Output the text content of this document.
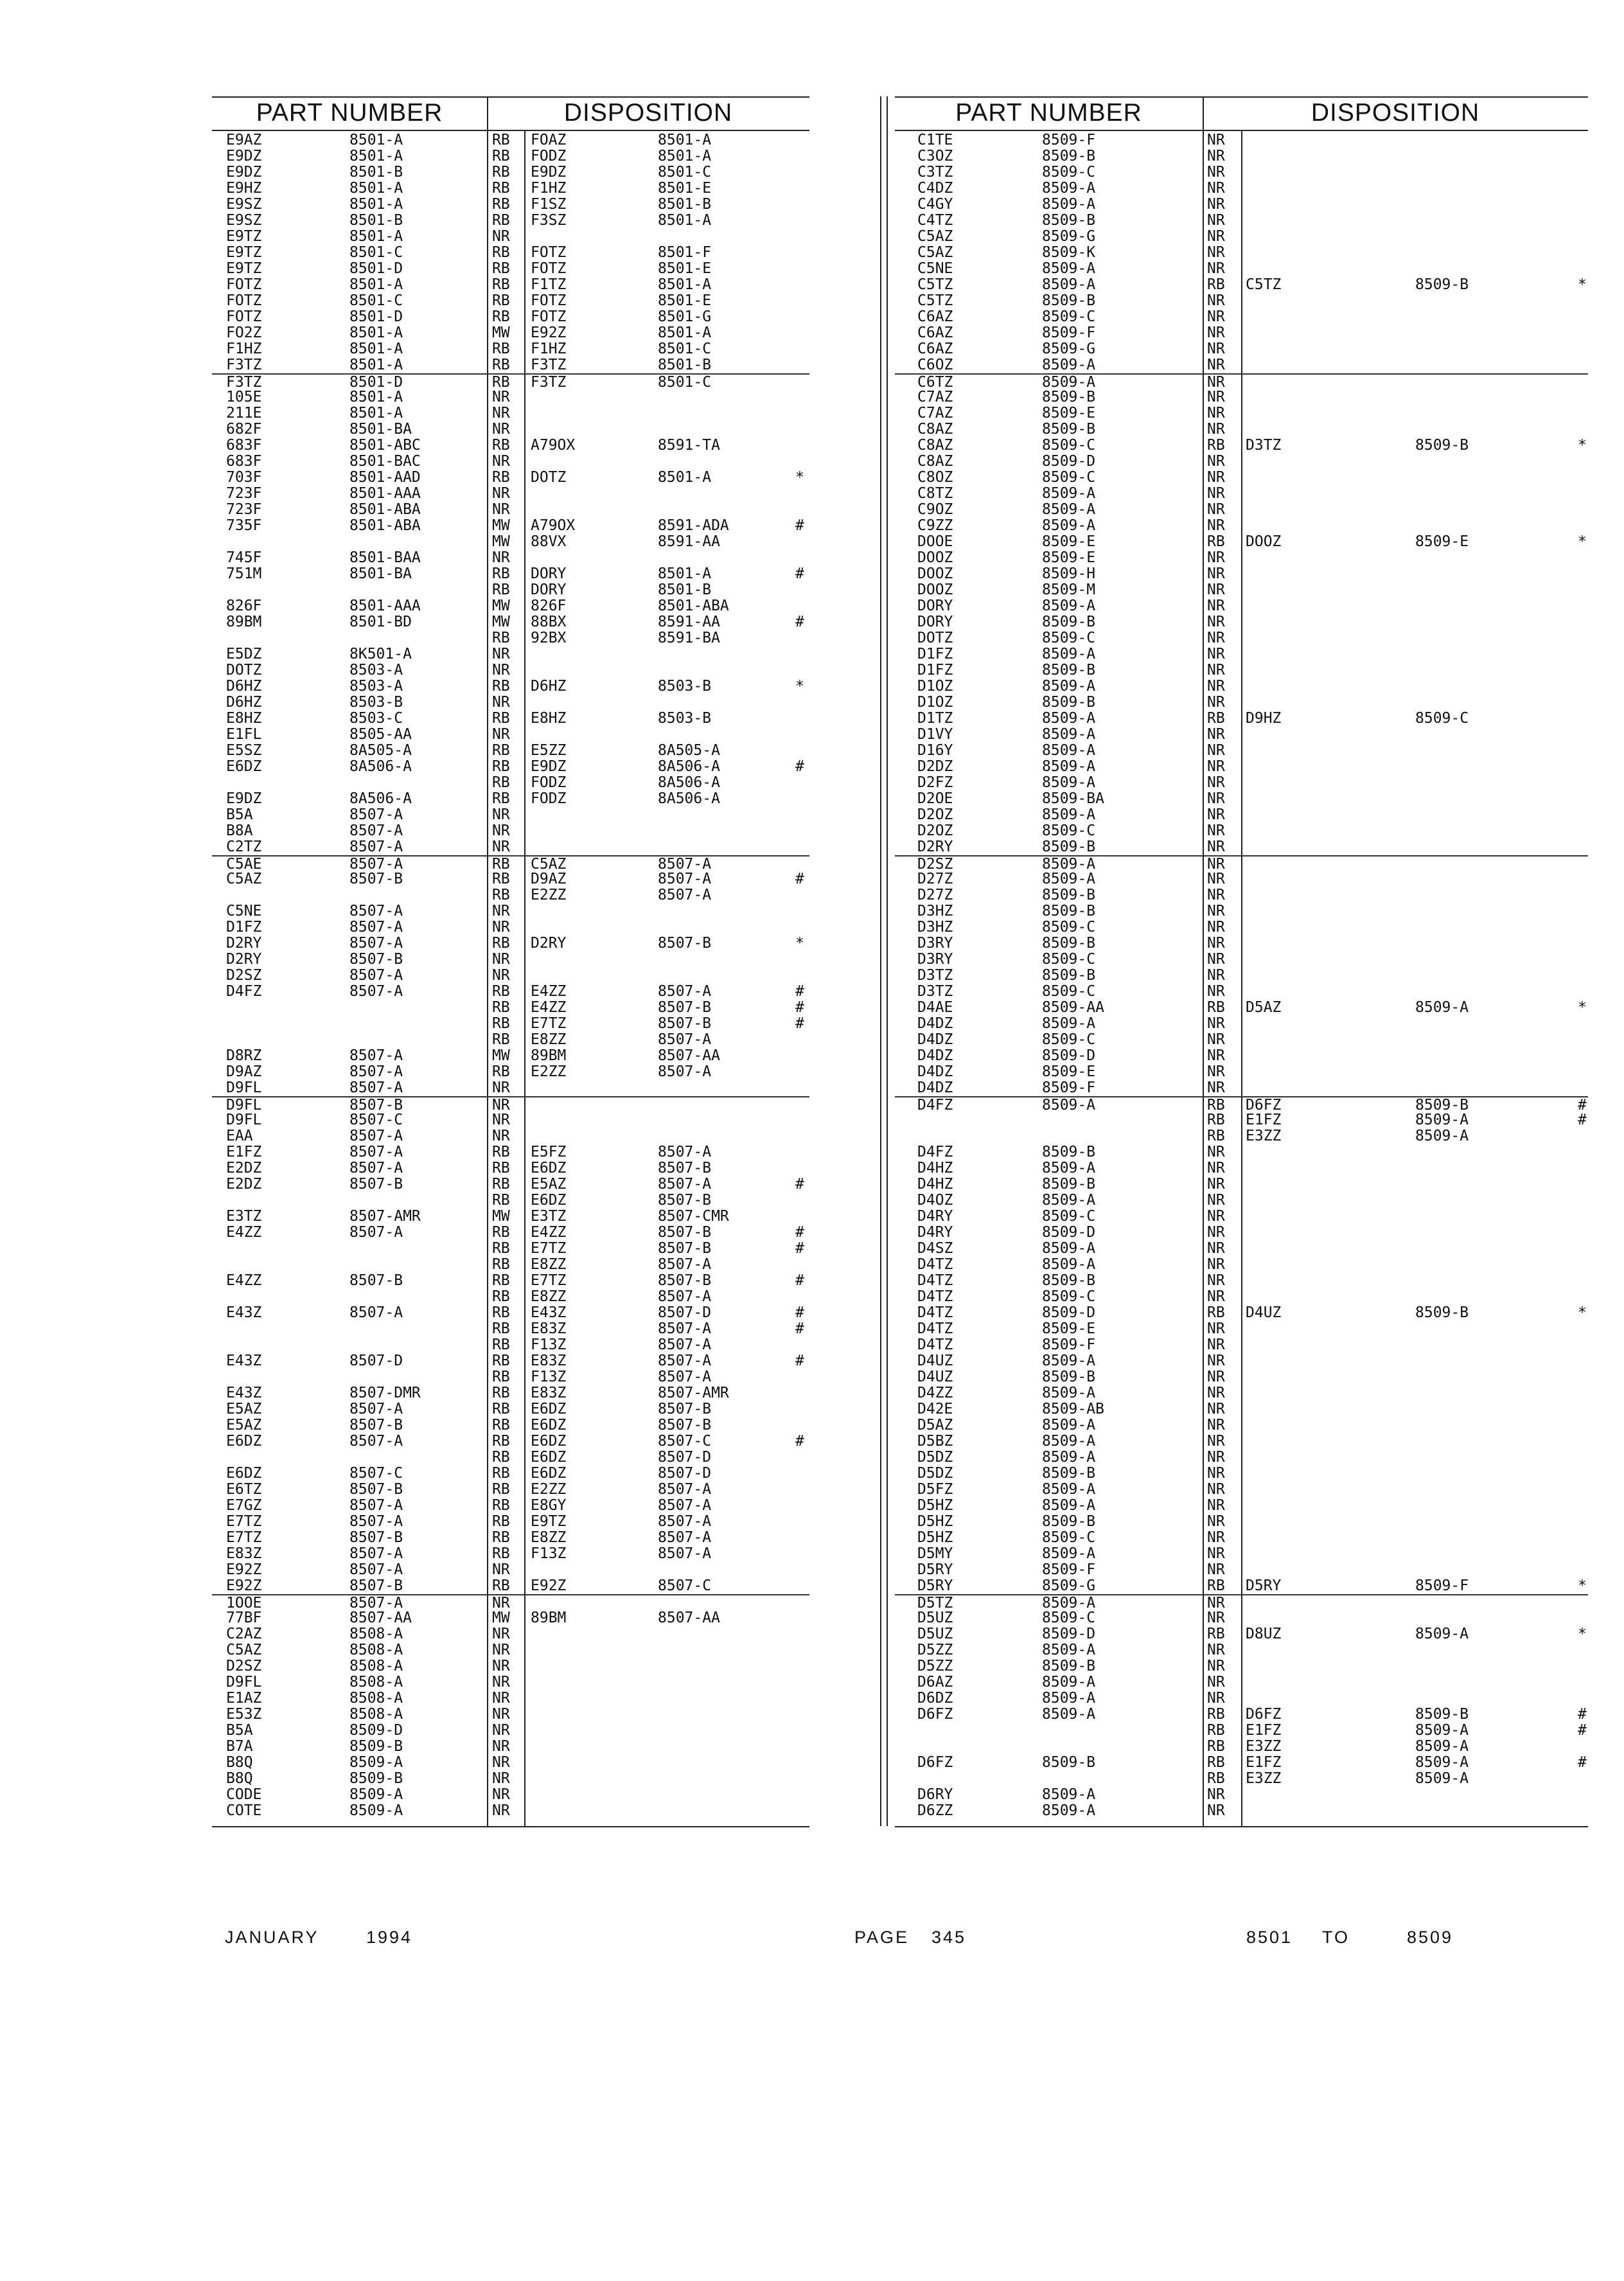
PART NUMBER	DISPOSITION	PART NUMBER	DISPOSITION
E9AZ	8501-A	RB FOAZ	8501-A
E9DZ	8501-A	RB FODZ	8501-A
E9DZ	8501-B	RB E9DZ	8501-C
E9HZ	8501-A	RB F1HZ	8501-E
E9SZ	8501-A	RB F1SZ	8501-B
E9SZ	8501-B	RB F3SZ	8501-A
E9TZ	8501-A	NR
E9TZ	8501-C	RB FOTZ	8501-F
E9TZ	8501-D	RB FOTZ	8501-E
FOTZ	8501-A	RB F1TZ	8501-A
FOTZ	8501-C	RB FOTZ	8501-E
FOTZ	8501-D	RB FOTZ	8501-G
FO2Z	8501-A	MW E92Z	8501-A
F1HZ	8501-A	RB F1HZ	8501-C
F3TZ	8501-A	RB F3TZ	8501-B
F3TZ	8501-D	RB F3TZ	8501-C
105E	8501-A	NR
211E	8501-A	NR
682F	8501-BA	NR
683F	8501-ABC	RB A79OX	8591-TA
683F	8501-BAC	NR
703F	8501-AAD	RB DOTZ	8501-A	*
723F	8501-AAA	NR
723F	8501-ABA	NR
735F	8501-ABA	MW A79OX	8591-ADA	#
MW 88VX	8591-AA
745F	8501-BAA	NR
751M	8501-BA	RB DORY	8501-A	#
RB DORY	8501-B
826F	8501-AAA	MW 826F	8501-ABA
89BM	8501-BD	MW 88BX	8591-AA	#
RB 92BX	8591-BA
E5DZ	8K501-A	NR
DOTZ	8503-A	NR
D6HZ	8503-A	RB D6HZ	8503-B	*
D6HZ	8503-B	NR
E8HZ	8503-C	RB E8HZ	8503-B
E1FL	8505-AA	NR
E5SZ	8A505-A	RB E5ZZ	8A505-A
E6DZ	8A506-A	RB E9DZ	8A506-A	#
RB FODZ	8A506-A
E9DZ	8A506-A	RB FODZ	8A506-A
B5A	8507-A	NR
B8A	8507-A	NR
C2TZ	8507-A	NR
C5AE	8507-A	RB C5AZ	8507-A
C5AZ	8507-B	RB D9AZ	8507-A	#
RB E2ZZ	8507-A
C5NE	8507-A	NR
D1FZ	8507-A	NR
D2RY	8507-A	RB D2RY	8507-B	*
D2RY	8507-B	NR
D2SZ	8507-A	NR
D4FZ	8507-A	RB E4ZZ	8507-A	#
RB E4ZZ	8507-B	#
RB E7TZ	8507-B	#
RB E8ZZ	8507-A
D8RZ	8507-A	MW 89BM	8507-AA
D9AZ	8507-A	RB E2ZZ	8507-A
D9FL	8507-A	NR
D9FL	8507-B	NR
D9FL	8507-C	NR
EAA	8507-A	NR
E1FZ	8507-A	RB E5FZ	8507-A
E2DZ	8507-A	RB E6DZ	8507-B
E2DZ	8507-B	RB E5AZ	8507-A	#
RB E6DZ	8507-B
E3TZ	8507-AMR	MW E3TZ	8507-CMR
E4ZZ	8507-A	RB E4ZZ	8507-B	#
RB E7TZ	8507-B	#
RB E8ZZ	8507-A
E4ZZ	8507-B	RB E7TZ	8507-B	#
RB E8ZZ	8507-A
E43Z	8507-A	RB E43Z	8507-D	#
RB E83Z	8507-A	#
RB F13Z	8507-A
E43Z	8507-D	RB E83Z	8507-A	#
RB F13Z	8507-A
E43Z	8507-DMR	RB E83Z	8507-AMR
E5AZ	8507-A	RB E6DZ	8507-B
E5AZ	8507-B	RB E6DZ	8507-B
E6DZ	8507-A	RB E6DZ	8507-C	#
RB E6DZ	8507-D
E6DZ	8507-C	RB E6DZ	8507-D
E6TZ	8507-B	RB E2ZZ	8507-A
E7GZ	8507-A	RB E8GY	8507-A
E7TZ	8507-A	RB E9TZ	8507-A
E7TZ	8507-B	RB E8ZZ	8507-A
E83Z	8507-A	RB F13Z	8507-A
E92Z	8507-A	NR
E92Z	8507-B	RB E92Z	8507-C
1OOE	8507-A	NR
77BF	8507-AA	MW 89BM	8507-AA
C2AZ	8508-A	NR
C5AZ	8508-A	NR
D2SZ	8508-A	NR
D9FL	8508-A	NR
E1AZ	8508-A	NR
E53Z	8508-A	NR
B5A	8509-D	NR
B7A	8509-B	NR
B8Q	8509-A	NR
B8Q	8509-B	NR
CODE	8509-A	NR
COTE	8509-A	NR
C1TE	8509-F	NR
C3OZ	8509-B	NR
C3TZ	8509-C	NR
C4DZ	8509-A	NR
C4GY	8509-A	NR
C4TZ	8509-B	NR
C5AZ	8509-G	NR
C5AZ	8509-K	NR
C5NE	8509-A	NR
C5TZ	8509-A	RB C5TZ	8509-B	*
C5TZ	8509-B	NR
C6AZ	8509-C	NR
C6AZ	8509-F	NR
C6AZ	8509-G	NR
C6OZ	8509-A	NR
C6TZ	8509-A	NR
C7AZ	8509-B	NR
C7AZ	8509-E	NR
C8AZ	8509-B	NR
C8AZ	8509-C	RB D3TZ	8509-B	*
C8AZ	8509-D	NR
C8OZ	8509-C	NR
C8TZ	8509-A	NR
C9OZ	8509-A	NR
C9ZZ	8509-A	NR
DOOE	8509-E	RB DOOZ	8509-E	*
DOOZ	8509-E	NR
DOOZ	8509-H	NR
DOOZ	8509-M	NR
DORY	8509-A	NR
DORY	8509-B	NR
DOTZ	8509-C	NR
D1FZ	8509-A	NR
D1FZ	8509-B	NR
D1OZ	8509-A	NR
D1OZ	8509-B	NR
D1TZ	8509-A	RB D9HZ	8509-C
D1VY	8509-A	NR
D16Y	8509-A	NR
D2DZ	8509-A	NR
D2FZ	8509-A	NR
D2OE	8509-BA	NR
D2OZ	8509-A	NR
D2OZ	8509-C	NR
D2RY	8509-B	NR
D2SZ	8509-A	NR
D27Z	8509-A	NR
D27Z	8509-B	NR
D3HZ	8509-B	NR
D3HZ	8509-C	NR
D3RY	8509-B	NR
D3RY	8509-C	NR
D3TZ	8509-B	NR
D3TZ	8509-C	NR
D4AE	8509-AA	RB D5AZ	8509-A	*
D4DZ	8509-A	NR
D4DZ	8509-C	NR
D4DZ	8509-D	NR
D4DZ	8509-E	NR
D4DZ	8509-F	NR
D4FZ	8509-A	RB D6FZ	8509-B	#
RB E1FZ	8509-A	#
RB E3ZZ	8509-A
D4FZ	8509-B	NR
D4HZ	8509-A	NR
D4HZ	8509-B	NR
D4OZ	8509-A	NR
D4RY	8509-C	NR
D4RY	8509-D	NR
D4SZ	8509-A	NR
D4TZ	8509-A	NR
D4TZ	8509-B	NR
D4TZ	8509-C	NR
D4TZ	8509-D	RB D4UZ	8509-B	*
D4TZ	8509-E	NR
D4TZ	8509-F	NR
D4UZ	8509-A	NR
D4UZ	8509-B	NR
D4ZZ	8509-A	NR
D42E	8509-AB	NR
D5AZ	8509-A	NR
D5BZ	8509-A	NR
D5DZ	8509-A	NR
D5DZ	8509-B	NR
D5FZ	8509-A	NR
D5HZ	8509-A	NR
D5HZ	8509-B	NR
D5HZ	8509-C	NR
D5MY	8509-A	NR
D5RY	8509-F	NR
D5RY	8509-G	RB D5RY	8509-F	*
D5TZ	8509-A	NR
D5UZ	8509-C	NR
D5UZ	8509-D	RB D8UZ	8509-A	*
D5ZZ	8509-A	NR
D5ZZ	8509-B	NR
D6AZ	8509-A	NR
D6DZ	8509-A	NR
D6FZ	8509-A	RB D6FZ	8509-B	#
RB E1FZ	8509-A	#
RB E3ZZ	8509-A
D6FZ	8509-B	RB E1FZ	8509-A	#
RB E3ZZ	8509-A
D6RY	8509-A	NR
D6ZZ	8509-A	NR
JANUARY	1994	PAGE 345	8501 TO	8509
